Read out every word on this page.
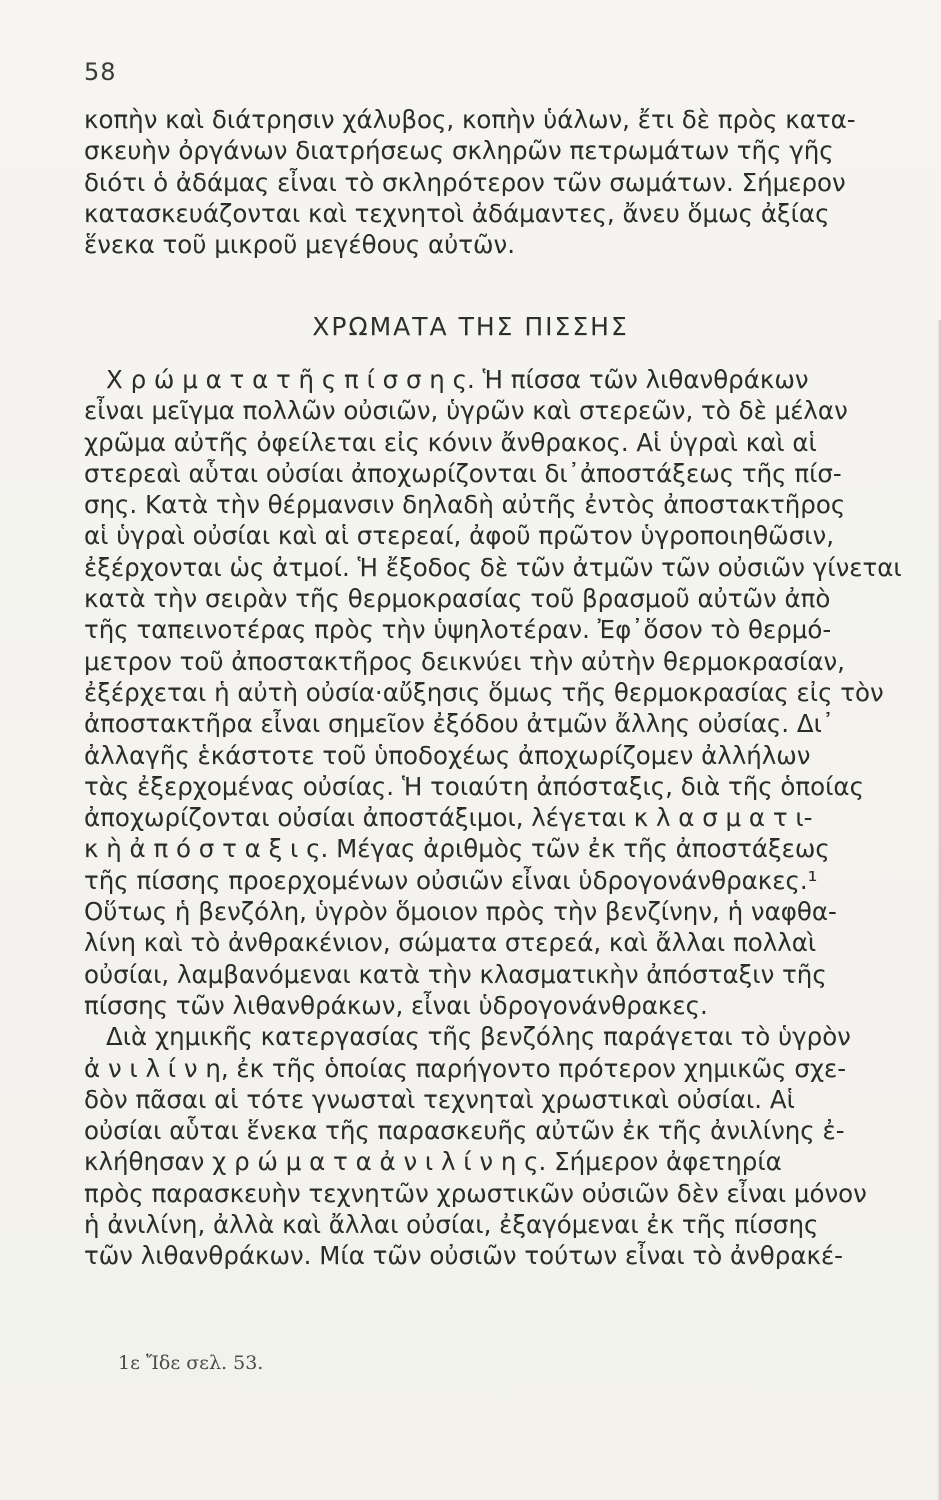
58
κοπὴν καὶ διάτρησιν χάλυβος, κοπὴν ὑάλων, ἔτι δὲ πρὸς κατα-
σκευὴν ὀργάνων διατρήσεως σκληρῶν πετρωμάτων τῆς γῆς
διότι ὁ ἀδάμας εἶναι τὸ σκληρότερον τῶν σωμάτων. Σήμερον
κατασκευάζονται καὶ τεχνητοὶ ἀδάμαντες, ἄνευ ὅμως ἀξίας
ἕνεκα τοῦ μικροῦ μεγέθους αὐτῶν.
ΧΡΩΜΑΤΑ ΤΗΣ ΠΙΣΣΗΣ
Χ ρ ώ μ α τ α τ ῆ ς π ί σ σ η ς. Ἡ πίσσα τῶν λιθανθράκων
εἶναι μεῖγμα πολλῶν οὐσιῶν, ὑγρῶν καὶ στερεῶν, τὸ δὲ μέλαν
χρῶμα αὐτῆς ὀφείλεται εἰς κόνιν ἄνθρακος. Αἱ ὑγραὶ καὶ αἱ
στερεαὶ αὗται οὐσίαι ἀποχωρίζονται δι᾿ἀποστάξεως τῆς πίσ-
σης. Κατὰ τὴν θέρμανσιν δηλαδὴ αὐτῆς ἐντὸς ἀποστακτῆρος
αἱ ὑγραὶ οὐσίαι καὶ αἱ στερεαί, ἀφοῦ πρῶτον ὑγροποιηθῶσιν,
ἐξέρχονται ὡς ἀτμοί. Ἡ ἔξοδος δὲ τῶν ἀτμῶν τῶν οὐσιῶν γίνεται
κατὰ τὴν σειρὰν τῆς θερμοκρασίας τοῦ βρασμοῦ αὐτῶν ἀπὸ
τῆς ταπεινοτέρας πρὸς τὴν ὑψηλοτέραν. Ἐφ᾿ὅσον τὸ θερμό-
μετρον τοῦ ἀποστακτῆρος δεικνύει τὴν αὐτὴν θερμοκρασίαν,
ἐξέρχεται ἡ αὐτὴ οὐσία·αὔξησις ὅμως τῆς θερμοκρασίας εἰς τὸν
ἀποστακτῆρα εἶναι σημεῖον ἐξόδου ἀτμῶν ἄλλης οὐσίας. Δι᾿
ἀλλαγῆς ἑκάστοτε τοῦ ὑποδοχέως ἀποχωρίζομεν ἀλλήλων
τὰς ἐξερχομένας οὐσίας. Ἡ τοιαύτη ἀπόσταξις, διὰ τῆς ὁποίας
ἀποχωρίζονται οὐσίαι ἀποστάξιμοι, λέγεται κ λ α σ μ α τ ι-
κ ὴ ἀ π ό σ τ α ξ ι ς. Μέγας ἀριθμὸς τῶν ἐκ τῆς ἀποστάξεως
τῆς πίσσης προερχομένων οὐσιῶν εἶναι ὑδρογονάνθρακες.¹
Οὕτως ἡ βενζόλη, ὑγρὸν ὅμοιον πρὸς τὴν βενζίνην, ἡ ναφθα-
λίνη καὶ τὸ ἀνθρακένιον, σώματα στερεά, καὶ ἄλλαι πολλαὶ
οὐσίαι, λαμβανόμεναι κατὰ τὴν κλασματικὴν ἀπόσταξιν τῆς
πίσσης τῶν λιθανθράκων, εἶναι ὑδρογονάνθρακες.
Διὰ χημικῆς κατεργασίας τῆς βενζόλης παράγεται τὸ ὑγρὸν
ἀ ν ι λ ί ν η, ἐκ τῆς ὁποίας παρήγοντο πρότερον χημικῶς σχε-
δὸν πᾶσαι αἱ τότε γνωσταὶ τεχνηταὶ χρωστικαὶ οὐσίαι. Αἱ
οὐσίαι αὗται ἕνεκα τῆς παρασκευῆς αὐτῶν ἐκ τῆς ἀνιλίνης ἐ-
κλήθησαν χ ρ ώ μ α τ α ἀ ν ι λ ί ν η ς. Σήμερον ἀφετηρία
πρὸς παρασκευὴν τεχνητῶν χρωστικῶν οὐσιῶν δὲν εἶναι μόνον
ἡ ἀνιλίνη, ἀλλὰ καὶ ἄλλαι οὐσίαι, ἐξαγόμεναι ἐκ τῆς πίσσης
τῶν λιθανθράκων. Μία τῶν οὐσιῶν τούτων εἶναι τὸ ἀνθρακέ-
1ε Ἴδε σελ. 53.
